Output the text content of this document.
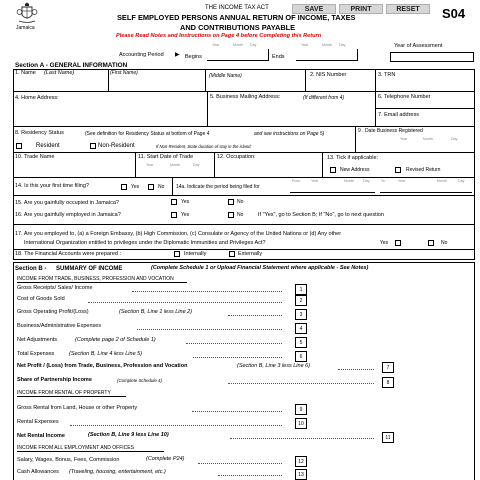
Jamaica
THE INCOME TAX ACT	SAVE	PRINT	RESET	S04
SELF EMPLOYED PERSONS ANNUAL RETURN OF INCOME, TAXES
AND CONTRIBUTIONS PAYABLE
Please Read Notes and Instructions on Page 4 before Completing this Return
Year	Month Day	Year	Month Day
Accounting Period ▶ Begins	Ends
Year of Assessment
Section A - GENERAL INFORMATION
1. Name (Last Name)	(First Name)	(Middle Name)	2. NIS Number	3. TRN
4. Home Address:	5. Business Mailing Address:	(If different from 4)	6. Telephone Number
7. Email address
8. Residency Status	(See definition for Residency Status at bottom of Page 4	and see instructions on Page 5)
Resident	Non-Resident	If Non-Resident, State duration of stay in the island:
9 . Date Business Registered
Year	Month	Day
10. Trade Name	11. Start Date of Trade
Year	Month	Day
12. Occupation:	13. Tick if applicable:
New Address	Revised Return
14. Is this your first time filing?	Yes	No 14a. Indicate the period being filed for
From	Year	Month	Day	To	Year	Month	Day
15. Are you gainfully occupied in Jamaica?	Yes	No
16. Are you gainfully employed in Jamaica?	Yes	No	If "Yes", go to Section B; If "No", go to next question
17. Are you employed to, (a) a Foreign Embassy, (b) High Commission, (c) Consulate or Agency of the United Nations or (d) Any other
International Organization entitled to privileges under the Diplomatic Immunities and Privileges Act?	Yes	No
18. The Financial Accounts were prepared :	Internally	Externally
Section B - SUMMARY OF INCOME	(Complete Schedule 1 or Upload Financial Statement where applicable - See Notes)
INCOME FROM TRADE, BUSINESS, PROFESSION AND VOCATION
Gross Receipts/ Sales/ Income	1
Cost of Goods Sold	2
Gross Operating Profit/(Loss)	(Section B, Line 1 less Line 2)	3
Business/Administrative Expenses	4
Net Adjustments	(Complete page 2 of Schedule 1)	5
Total Expenses	(Section B, Line 4 less Line 5)	6
Net Profit / (Loss) from Trade, Business, Profession and Vocation	(Section B, Line 3 less Line 6)	7
Share of Partnership Income	(Complete Schedule 4)	8
INCOME FROM RENTAL OF PROPERTY
Gross Rental from Land, House or other Property	9
Rental Expenses	10
Net Rental Income	(Section B, Line 9 less Line 10)	11
INCOME FROM ALL EMPLOYMENT AND OFFICES
Salary, Wages, Bonus, Fees, Commission	(Complete P24)	12
Cash Allowances (Traveling, housing, entertainment, etc.)	13
